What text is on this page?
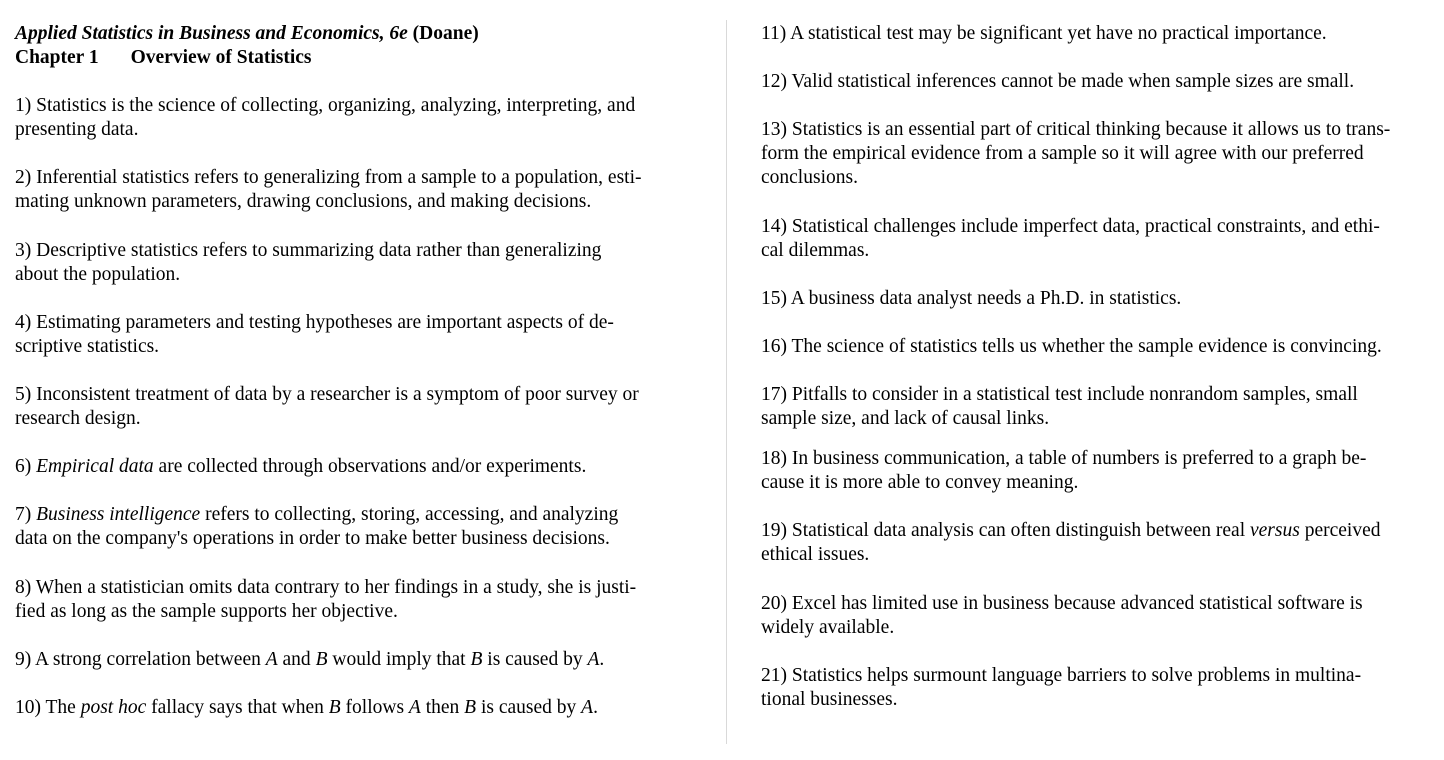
Applied Statistics in Business and Economics, 6e (Doane)
Chapter 1 Overview of Statistics

1) Statistics is the science of collecting, organizing, analyzing, interpreting, and
presenting data.

2) Inferential statistics refers to generalizing from a sample to a population, esti-
mating unknown parameters, drawing conclusions, and making decisions.

3) Descriptive statistics refers to summarizing data rather than generalizing
about the population.

4) Estimating parameters and testing hypotheses are important aspects of de-
scriptive statistics.

5) Inconsistent treatment of data by a researcher is a symptom of poor survey or
research design.

6) Empirical data are collected through observations and/or experiments.

7) Business intelligence refers to collecting, storing, accessing, and analyzing
data on the company's operations in order to make better business decisions.

8) When a statistician omits data contrary to her findings in a study, she is justi-
fied as long as the sample supports her objective.

9) A strong correlation between A and B would imply that B is caused by A.

10) The post hoc fallacy says that when B follows A then B is caused by A.

11) A statistical test may be significant yet have no practical importance.

12) Valid statistical inferences cannot be made when sample sizes are small.

13) Statistics is an essential part of critical thinking because it allows us to trans-
form the empirical evidence from a sample so it will agree with our preferred
conclusions.

14) Statistical challenges include imperfect data, practical constraints, and ethi-
cal dilemmas.

15) A business data analyst needs a Ph.D. in statistics.

16) The science of statistics tells us whether the sample evidence is convincing.

17) Pitfalls to consider in a statistical test include nonrandom samples, small
sample size, and lack of causal links.

18) In business communication, a table of numbers is preferred to a graph be-
cause it is more able to convey meaning.

19) Statistical data analysis can often distinguish between real versus perceived
ethical issues.

20) Excel has limited use in business because advanced statistical software is
widely available.

21) Statistics helps surmount language barriers to solve problems in multina-
tional businesses.
